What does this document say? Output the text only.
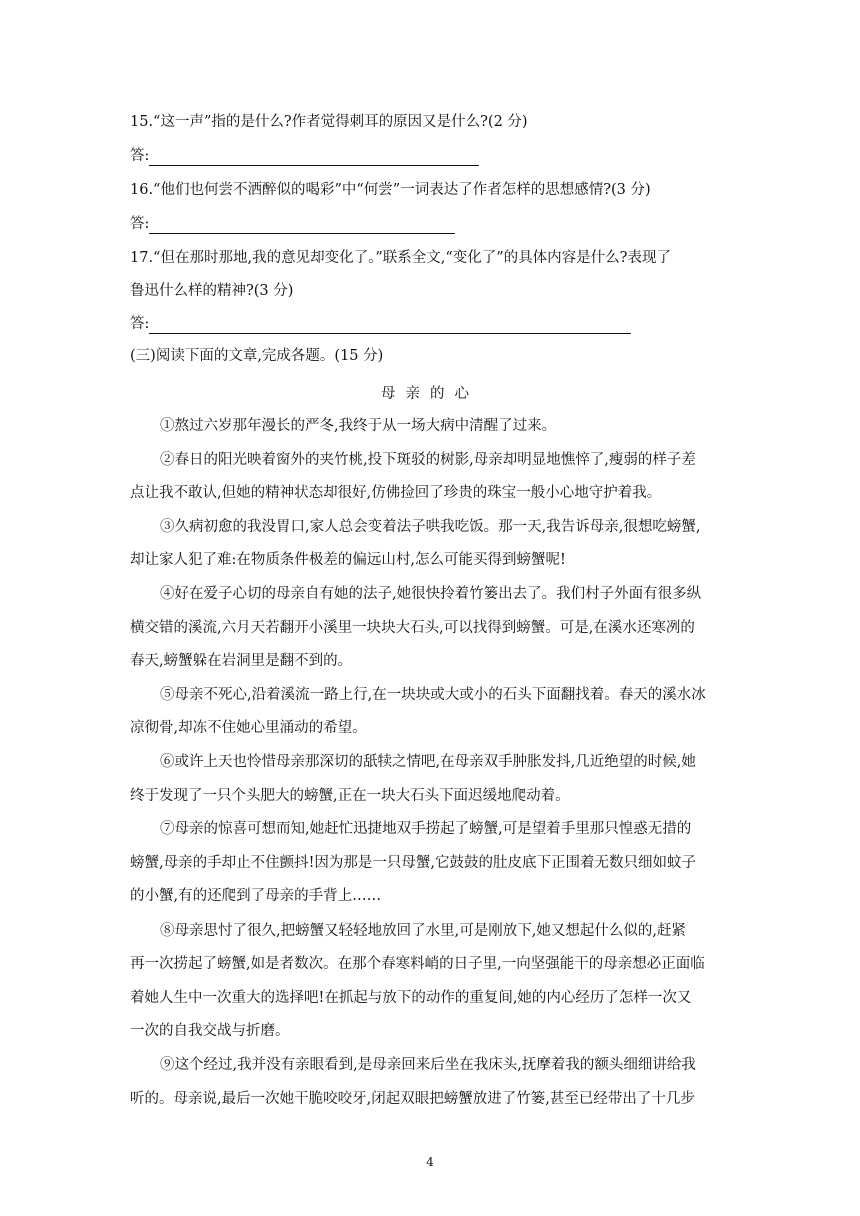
15.“这一声”指的是什么?作者觉得刺耳的原因又是什么?(2 分)
答:
16.“他们也何尝不洒醉似的喝彩”中“何尝”一词表达了作者怎样的思想感情?(3 分)
答:
17.“但在那时那地,我的意见却变化了。”联系全文,“变化了”的具体内容是什么?表现了
鲁迅什么样的精神?(3 分)
答:
(三)阅读下面的文章,完成各题。(15 分)
母亲的心
①熬过六岁那年漫长的严冬,我终于从一场大病中清醒了过来。
②春日的阳光映着窗外的夹竹桃,投下斑驳的树影,母亲却明显地憔悴了,瘦弱的样子差
点让我不敢认,但她的精神状态却很好,仿佛捡回了珍贵的珠宝一般小心地守护着我。
③久病初愈的我没胃口,家人总会变着法子哄我吃饭。那一天,我告诉母亲,很想吃螃蟹,
却让家人犯了难:在物质条件极差的偏远山村,怎么可能买得到螃蟹呢!
④好在爱子心切的母亲自有她的法子,她很快拎着竹篓出去了。我们村子外面有很多纵
横交错的溪流,六月天若翻开小溪里一块块大石头,可以找得到螃蟹。可是,在溪水还寒冽的
春天,螃蟹躲在岩洞里是翻不到的。
⑤母亲不死心,沿着溪流一路上行,在一块块或大或小的石头下面翻找着。春天的溪水冰
凉彻骨,却冻不住她心里涌动的希望。
⑥或许上天也怜惜母亲那深切的舐犊之情吧,在母亲双手肿胀发抖,几近绝望的时候,她
终于发现了一只个头肥大的螃蟹,正在一块大石头下面迟缓地爬动着。
⑦母亲的惊喜可想而知,她赶忙迅捷地双手捞起了螃蟹,可是望着手里那只惶惑无措的
螃蟹,母亲的手却止不住颤抖!因为那是一只母蟹,它鼓鼓的肚皮底下正围着无数只细如蚊子
的小蟹,有的还爬到了母亲的手背上……
⑧母亲思忖了很久,把螃蟹又轻轻地放回了水里,可是刚放下,她又想起什么似的,赶紧
再一次捞起了螃蟹,如是者数次。在那个春寒料峭的日子里,一向坚强能干的母亲想必正面临
着她人生中一次重大的选择吧!在抓起与放下的动作的重复间,她的内心经历了怎样一次又
一次的自我交战与折磨。
⑨这个经过,我并没有亲眼看到,是母亲回来后坐在我床头,抚摩着我的额头细细讲给我
听的。母亲说,最后一次她干脆咬咬牙,闭起双眼把螃蟹放进了竹篓,甚至已经带出了十几步
4
